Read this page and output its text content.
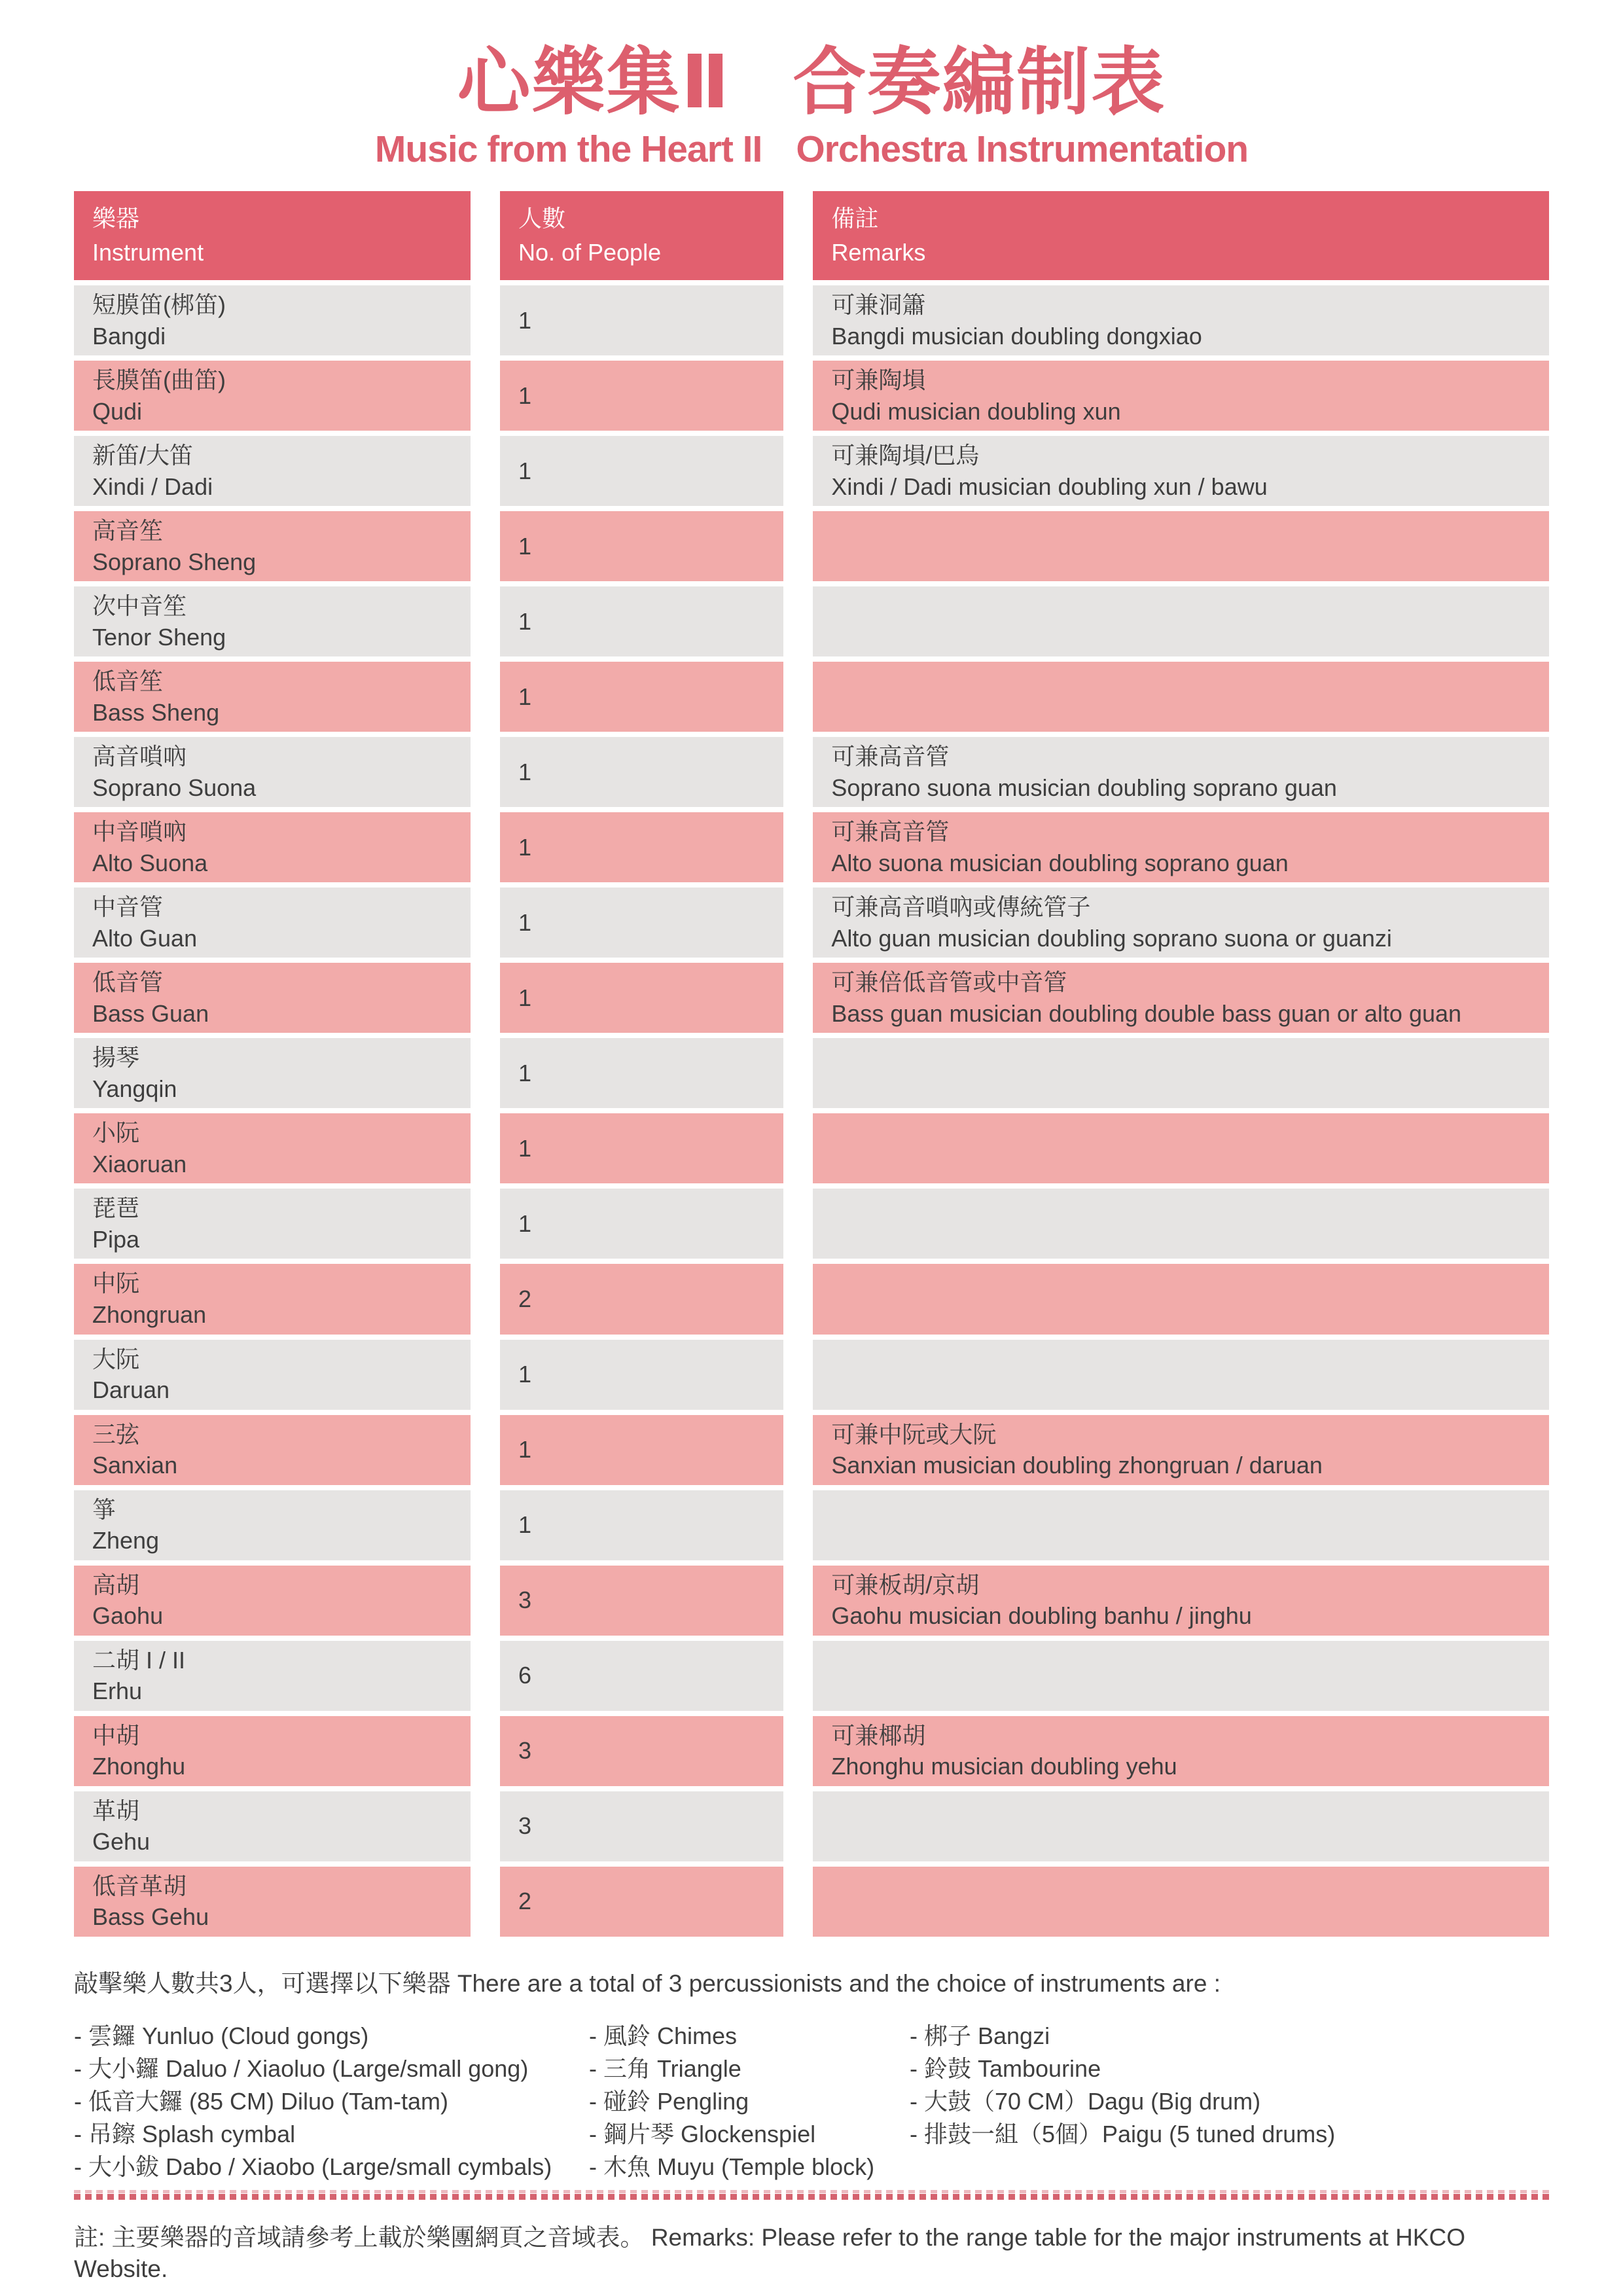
心樂集Ⅱ 合奏編制表
Music from the Heart II Orchestra Instrumentation
樂器
Instrument
人數
No. of People
備註
Remarks
短膜笛(梆笛)
Bangdi
1
可兼洞簫
Bangdi musician doubling dongxiao
長膜笛(曲笛)
Qudi
1
可兼陶塤
Qudi musician doubling xun
新笛/大笛
Xindi / Dadi
1
可兼陶塤/巴烏
Xindi / Dadi musician doubling xun / bawu
高音笙
Soprano Sheng
1
次中音笙
Tenor Sheng
1
低音笙
Bass Sheng
1
高音嗩吶
Soprano Suona
1
可兼高音管
Soprano suona musician doubling soprano guan
中音嗩吶
Alto Suona
1
可兼高音管
Alto suona musician doubling soprano guan
中音管
Alto Guan
1
可兼高音嗩吶或傳統管子
Alto guan musician doubling soprano suona or guanzi
低音管
Bass Guan
1
可兼倍低音管或中音管
Bass guan musician doubling double bass guan or alto guan
揚琴
Yangqin
1
小阮
Xiaoruan
1
琵琶
Pipa
1
中阮
Zhongruan
2
大阮
Daruan
1
三弦
Sanxian
1
可兼中阮或大阮
Sanxian musician doubling zhongruan / daruan
箏
Zheng
1
高胡
Gaohu
3
可兼板胡/京胡
Gaohu musician doubling banhu / jinghu
二胡 I / II
Erhu
6
中胡
Zhonghu
3
可兼椰胡
Zhonghu musician doubling yehu
革胡
Gehu
3
低音革胡
Bass Gehu
2
敲擊樂人數共3人，可選擇以下樂器 There are a total of 3 percussionists and the choice of instruments are :
- 雲鑼 Yunluo (Cloud gongs)
- 大小鑼 Daluo / Xiaoluo (Large/small gong)
- 低音大鑼 (85 CM) Diluo (Tam-tam)
- 吊鑔 Splash cymbal
- 大小鈸 Dabo / Xiaobo (Large/small cymbals)
- 風鈴 Chimes
- 三角 Triangle
- 碰鈴 Pengling
- 鋼片琴 Glockenspiel
- 木魚 Muyu (Temple block)
- 梆子 Bangzi
- 鈴鼓 Tambourine
- 大鼓（70 CM）Dagu (Big drum)
- 排鼓一組（5個）Paigu (5 tuned drums)
註: 主要樂器的音域請參考上載於樂團網頁之音域表。 Remarks: Please refer to the range table for the major instruments at HKCO Website.
